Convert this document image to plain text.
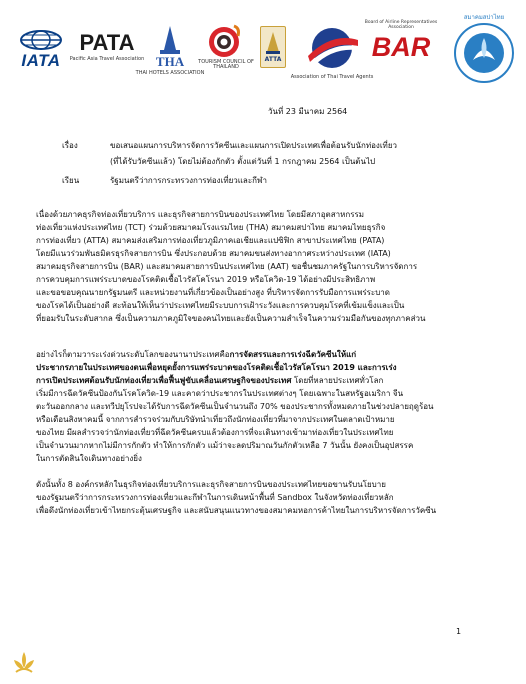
IATA
PATA
Pacific Asia Travel Association THA
THAI HOTELS ASSOCIATION
TOURISM COUNCIL OF THAILAND
ATTA
Association of Thai Travel Agents
Board of Airline Representatives Association
BAR
สมาคมสปาไทย
วันที่ 23 มีนาคม 2564
เรื่อง	ขอเสนอแผนการบริหารจัดการวัคซีนและแผนการเปิดประเทศเพื่อต้อนรับนักท่องเที่ยว
(ที่ได้รับวัคซีนแล้ว) โดยไม่ต้องกักตัว ตั้งแต่วันที่ 1 กรกฎาคม 2564 เป็นต้นไป
เรียน	รัฐมนตรีว่าการกระทรวงการท่องเที่ยวและกีฬา
เนื่องด้วยภาคธุรกิจท่องเที่ยวบริการ และธุรกิจสายการบินของประเทศไทย โดยมีสภาอุตสาหกรรม
ท่องเที่ยวแห่งประเทศไทย (TCT) ร่วมด้วยสมาคมโรงแรมไทย (THA) สมาคมสปาไทย สมาคมไทยธุรกิจ
การท่องเที่ยว (ATTA) สมาคมส่งเสริมการท่องเที่ยวภูมิภาคเอเชียและแปซิฟิก สาขาประเทศไทย (PATA)
โดยมีแนวร่วมพันธมิตรธุรกิจสายการบิน ซึ่งประกอบด้วย สมาคมขนส่งทางอากาศระหว่างประเทศ (IATA)
สมาคมธุรกิจสายการบิน (BAR) และสมาคมสายการบินประเทศไทย (AAT) ขอชื่นชมภาครัฐในการบริหารจัดการ
การควบคุมการแพร่ระบาดของโรคติดเชื้อไวรัสโคโรนา 2019 หรือโควิด-19 ได้อย่างมีประสิทธิภาพ
และขอขอบคุณนายกรัฐมนตรี และหน่วยงานที่เกี่ยวข้องเป็นอย่างสูง ที่บริหารจัดการรับมือการแพร่ระบาด
ของโรคได้เป็นอย่างดี สะท้อนให้เห็นว่าประเทศไทยมีระบบการเฝ้าระวังและการควบคุมโรคที่เข้มแข็งและเป็น
ที่ยอมรับในระดับสากล ซึ่งเป็นความภาคภูมิใจของคนไทยและยังเป็นความสำเร็จในความร่วมมือกันของทุกภาคส่วน
อย่างไรก็ตามวาระเร่งด่วนระดับโลกของนานาประเทศคือการจัดสรรและการเร่งฉีดวัคซีนให้แก่
ประชากรภายในประเทศของตนเพื่อหยุดยั้งการแพร่ระบาดของโรคติดเชื้อไวรัสโคโรนา 2019 และการเร่ง
การเปิดประเทศต้อนรับนักท่องเที่ยวเพื่อฟื้นฟูขับเคลื่อนเศรษฐกิจของประเทศ โดยที่หลายประเทศทั่วโลก
เริ่มมีการฉีดวัคซีนป้องกันโรคโควิด-19 และคาดว่าประชากรในประเทศต่างๆ โดยเฉพาะในสหรัฐอเมริกา จีน
ตะวันออกกลาง และทวีปยุโรปจะได้รับการฉีดวัคซีนเป็นจำนวนถึง 70% ของประชากรทั้งหมดภายในช่วงปลายฤดูร้อน
หรือเดือนสิงหาคมนี้ จากการสำรวจร่วมกับบริษัทนำเที่ยวถึงนักท่องเที่ยวที่มาจากประเทศในตลาดเป้าหมาย
ของไทย มีผลสำรวจว่านักท่องเที่ยวที่ฉีดวัคซีนครบแล้วต้องการที่จะเดินทางเข้ามาท่องเที่ยวในประเทศไทย
เป็นจำนวนมากหากไม่มีการกักตัว ทำให้การกักตัว แม้ว่าจะลดปริมาณวันกักตัวเหลือ 7 วันนั้น ยังคงเป็นอุปสรรค
ในการตัดสินใจเดินทางอย่างยิ่ง
ดังนั้นทั้ง 8 องค์กรหลักในธุรกิจท่องเที่ยวบริการและธุรกิจสายการบินของประเทศไทยขอขานรับนโยบาย
ของรัฐมนตรีว่าการกระทรวงการท่องเที่ยวและกีฬาในการเดินหน้าพื้นที่ Sandbox ในจังหวัดท่องเที่ยวหลัก
เพื่อดึงนักท่องเที่ยวเข้าไทยกระตุ้นเศรษฐกิจ และสนับสนุนแนวทางของสมาคมหอการค้าไทยในการบริหารจัดการวัคซีน
1
